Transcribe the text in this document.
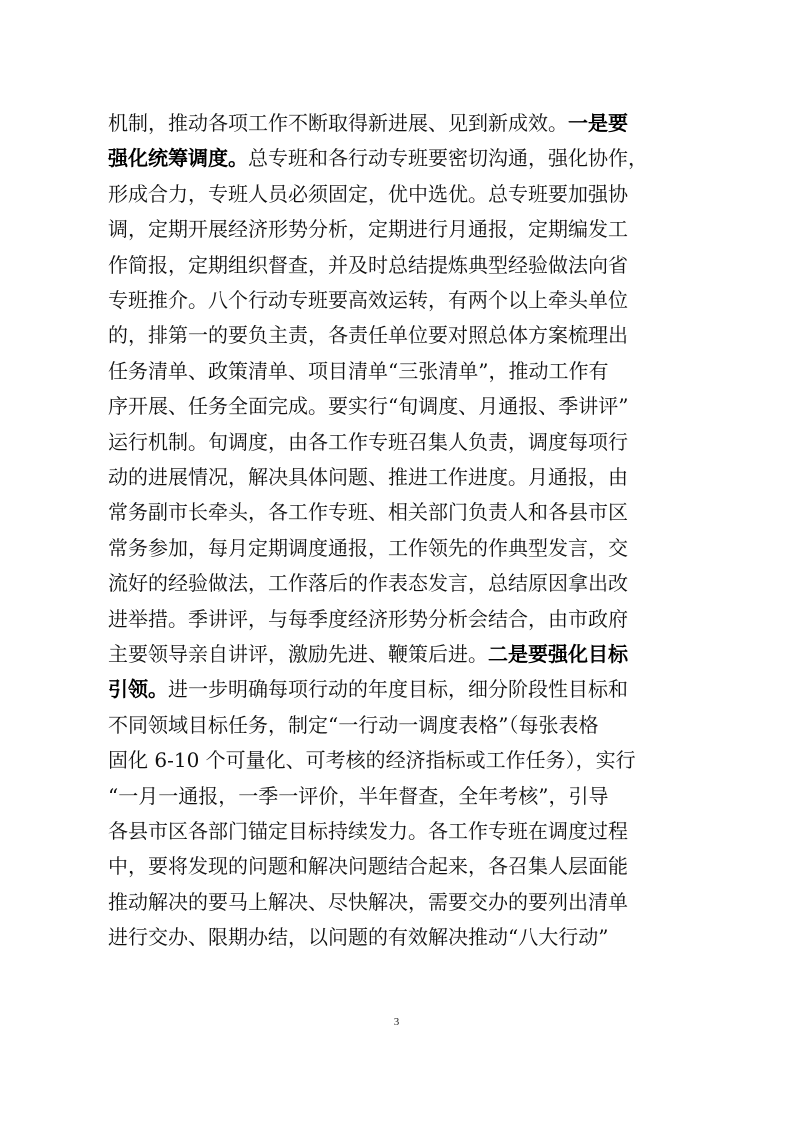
机制，推动各项工作不断取得新进展、见到新成效。一是要
强化统筹调度。总专班和各行动专班要密切沟通，强化协作，
形成合力，专班人员必须固定，优中选优。总专班要加强协
调，定期开展经济形势分析，定期进行月通报，定期编发工
作简报，定期组织督查，并及时总结提炼典型经验做法向省
专班推介。八个行动专班要高效运转，有两个以上牵头单位
的，排第一的要负主责，各责任单位要对照总体方案梳理出
任务清单、政策清单、项目清单“三张清单”，推动工作有
序开展、任务全面完成。要实行“旬调度、月通报、季讲评”
运行机制。旬调度，由各工作专班召集人负责，调度每项行
动的进展情况，解决具体问题、推进工作进度。月通报，由
常务副市长牵头，各工作专班、相关部门负责人和各县市区
常务参加，每月定期调度通报，工作领先的作典型发言，交
流好的经验做法，工作落后的作表态发言，总结原因拿出改
进举措。季讲评，与每季度经济形势分析会结合，由市政府
主要领导亲自讲评，激励先进、鞭策后进。二是要强化目标
引领。进一步明确每项行动的年度目标，细分阶段性目标和
不同领域目标任务，制定“一行动一调度表格”（每张表格
固化 6-10 个可量化、可考核的经济指标或工作任务），实行
“一月一通报，一季一评价，半年督查，全年考核”，引导
各县市区各部门锚定目标持续发力。各工作专班在调度过程
中，要将发现的问题和解决问题结合起来，各召集人层面能
推动解决的要马上解决、尽快解决，需要交办的要列出清单
进行交办、限期办结，以问题的有效解决推动“八大行动”
3
